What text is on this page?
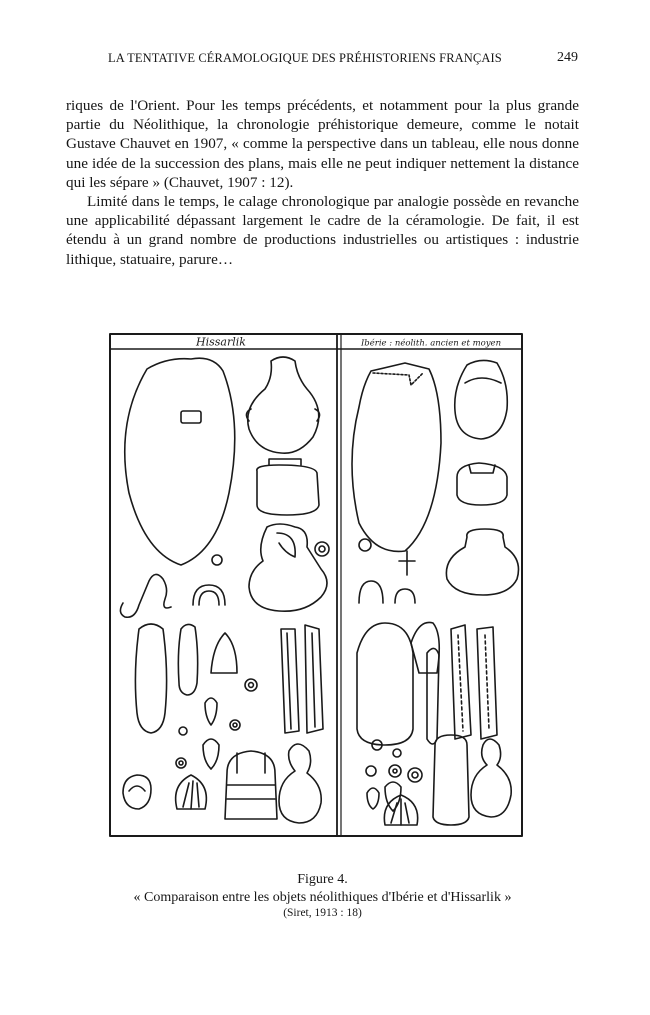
LA TENTATIVE CÉRAMOLOGIQUE DES PRÉHISTORIENS FRANÇAIS	249

riques de l'Orient. Pour les temps précédents, et notamment pour la plus grande partie du Néolithique, la chronologie préhistorique demeure, comme le notait Gustave Chauvet en 1907, « comme la perspective dans un tableau, elle nous donne une idée de la succession des plans, mais elle ne peut indiquer nettement la distance qui les sépare » (Chauvet, 1907 : 12).

Limité dans le temps, le calage chronologique par analogie possède en revanche une applicabilité dépassant largement le cadre de la céramologie. De fait, il est étendu à un grand nombre de productions industrielles ou artistiques : industrie lithique, statuaire, parure…

Hissarlik	Ibérie : néolith. ancien et moyen
Figure 4.
« Comparaison entre les objets néolithiques d'Ibérie et d'Hissarlik »
(Siret, 1913 : 18)
